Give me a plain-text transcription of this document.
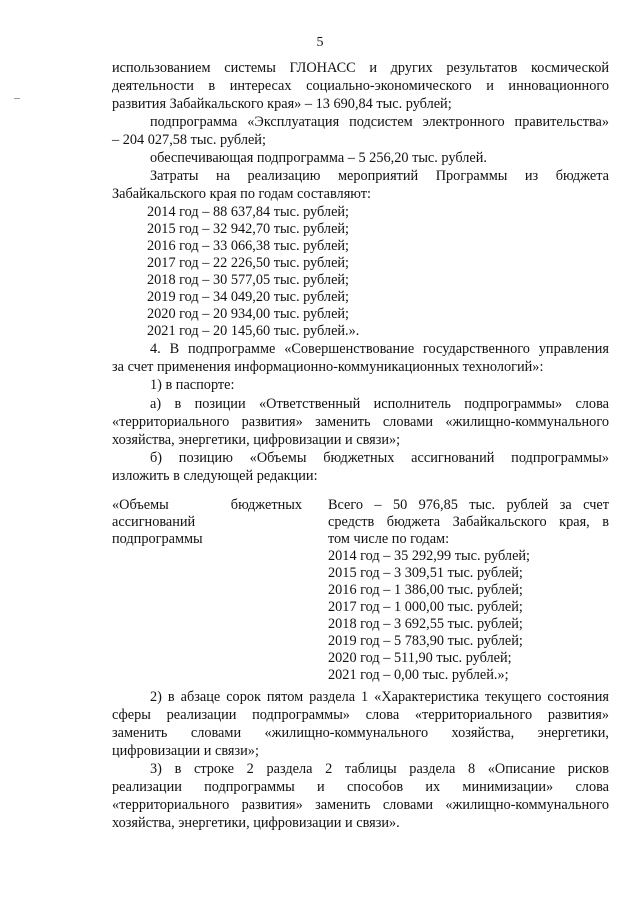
5
использованием системы ГЛОНАСС и других результатов космической
деятельности в интересах социально-экономического и инновационного
развития Забайкальского края» – 13 690,84 тыс. рублей;
подпрограмма «Эксплуатация подсистем электронного правительства»
– 204 027,58 тыс. рублей;
обеспечивающая подпрограмма – 5 256,20 тыс. рублей.
Затраты на реализацию мероприятий Программы из бюджета
Забайкальского края по годам составляют:
2014 год – 88 637,84 тыс. рублей;
2015 год – 32 942,70 тыс. рублей;
2016 год – 33 066,38 тыс. рублей;
2017 год – 22 226,50 тыс. рублей;
2018 год – 30 577,05 тыс. рублей;
2019 год – 34 049,20 тыс. рублей;
2020 год – 20 934,00 тыс. рублей;
2021 год – 20 145,60 тыс. рублей.».
4. В подпрограмме «Совершенствование государственного управления
за счет применения информационно-коммуникационных технологий»:
1) в паспорте:
а) в позиции «Ответственный исполнитель подпрограммы» слова
«территориального развития» заменить словами «жилищно-коммунального
хозяйства, энергетики, цифровизации и связи»;
б) позицию «Объемы бюджетных ассигнований подпрограммы»
изложить в следующей редакции:
«Объемы	бюджетных
ассигнований
подпрограммы
Всего – 50 976,85 тыс. рублей за счет
средств бюджета Забайкальского края, в
том числе по годам:
2014 год – 35 292,99 тыс. рублей;
2015 год – 3 309,51 тыс. рублей;
2016 год – 1 386,00 тыс. рублей;
2017 год – 1 000,00 тыс. рублей;
2018 год – 3 692,55 тыс. рублей;
2019 год – 5 783,90 тыс. рублей;
2020 год – 511,90 тыс. рублей;
2021 год – 0,00 тыс. рублей.»;
2) в абзаце сорок пятом раздела 1 «Характеристика текущего состояния
сферы реализации подпрограммы» слова «территориального развития»
заменить словами «жилищно-коммунального хозяйства, энергетики,
цифровизации и связи»;
3) в строке 2 раздела 2 таблицы раздела 8 «Описание рисков
реализации подпрограммы и способов их минимизации» слова
«территориального развития» заменить словами «жилищно-коммунального
хозяйства, энергетики, цифровизации и связи».
